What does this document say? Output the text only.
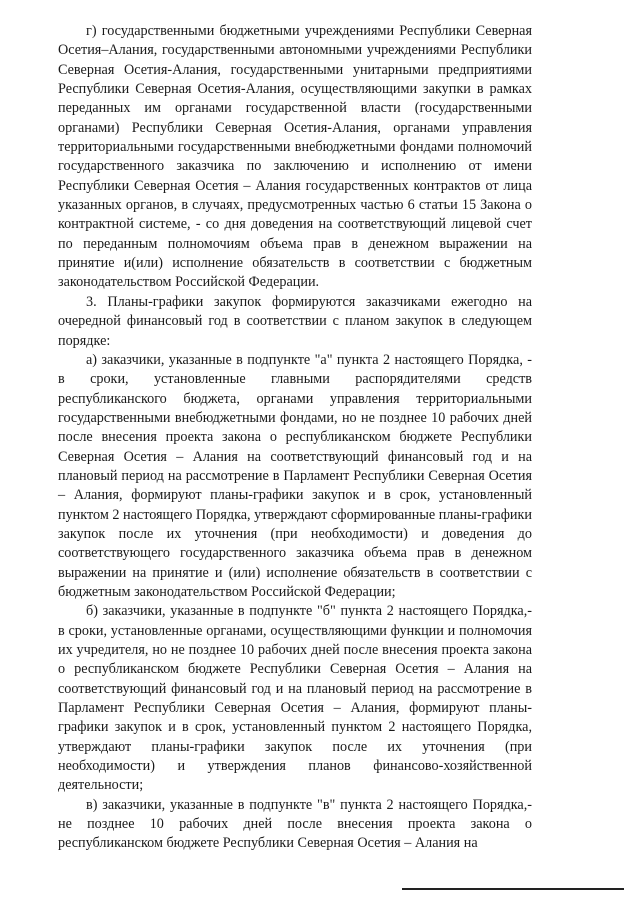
г) государственными бюджетными учреждениями Республики Северная Осетия–Алания, государственными автономными учреждениями Республики Северная Осетия-Алания, государственными унитарными предприятиями Республики Северная Осетия-Алания, осуществляющими закупки в рамках переданных им органами государственной власти (государственными органами) Республики Северная Осетия-Алания, органами управления территориальными государственными внебюджетными фондами полномочий государственного заказчика по заключению и исполнению от имени Республики Северная Осетия – Алания государственных контрактов от лица указанных органов, в случаях, предусмотренных частью 6 статьи 15 Закона о контрактной системе, - со дня доведения на соответствующий лицевой счет по переданным полномочиям объема прав в денежном выражении на принятие и(или) исполнение обязательств в соответствии с бюджетным законодательством Российской Федерации.

3. Планы-графики закупок формируются заказчиками ежегодно на очередной финансовый год в соответствии с планом закупок в следующем порядке:

а) заказчики, указанные в подпункте "а" пункта 2 настоящего Порядка, - в сроки, установленные главными распорядителями средств республиканского бюджета, органами управления территориальными государственными внебюджетными фондами, но не позднее 10 рабочих дней после внесения проекта закона о республиканском бюджете Республики Северная Осетия – Алания на соответствующий финансовый год и на плановый период на рассмотрение в Парламент Республики Северная Осетия – Алания, формируют планы-графики закупок и в срок, установленный пунктом 2 настоящего Порядка, утверждают сформированные планы-графики закупок после их уточнения (при необходимости) и доведения до соответствующего государственного заказчика объема прав в денежном выражении на принятие и (или) исполнение обязательств в соответствии с бюджетным законодательством Российской Федерации;

б) заказчики, указанные в подпункте "б" пункта 2 настоящего Порядка,- в сроки, установленные органами, осуществляющими функции и полномочия их учредителя, но не позднее 10 рабочих дней после внесения проекта закона о республиканском бюджете Республики Северная Осетия – Алания на соответствующий финансовый год и на плановый период на рассмотрение в Парламент Республики Северная Осетия – Алания, формируют планы-графики закупок и в срок, установленный пунктом 2 настоящего Порядка, утверждают планы-графики закупок после их уточнения (при необходимости) и утверждения планов финансово-хозяйственной деятельности;

в) заказчики, указанные в подпункте "в" пункта 2 настоящего Порядка,-не позднее 10 рабочих дней после внесения проекта закона о республиканском бюджете Республики Северная Осетия – Алания на
